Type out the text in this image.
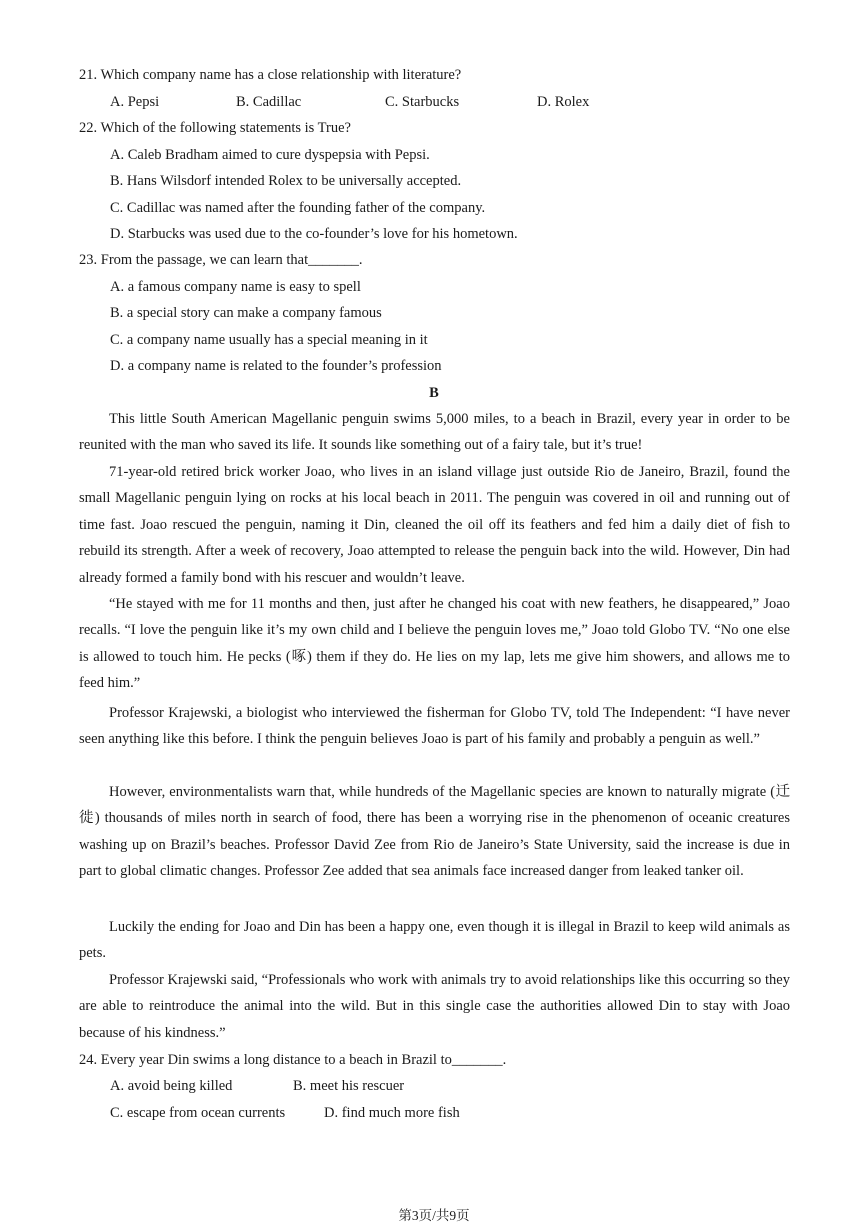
21. Which company name has a close relationship with literature?
A. Pepsi	B. Cadillac	C. Starbucks	D. Rolex
22. Which of the following statements is True?
A. Caleb Bradham aimed to cure dyspepsia with Pepsi.
B. Hans Wilsdorf intended Rolex to be universally accepted.
C. Cadillac was named after the founding father of the company.
D. Starbucks was used due to the co-founder’s love for his hometown.
23. From the passage, we can learn that_______.
A. a famous company name is easy to spell
B. a special story can make a company famous
C. a company name usually has a special meaning in it
D. a company name is related to the founder’s profession
B
This little South American Magellanic penguin swims 5,000 miles, to a beach in Brazil, every year in order to be reunited with the man who saved its life. It sounds like something out of a fairy tale, but it’s true!
71-year-old retired brick worker Joao, who lives in an island village just outside Rio de Janeiro, Brazil, found the small Magellanic penguin lying on rocks at his local beach in 2011. The penguin was covered in oil and running out of time fast. Joao rescued the penguin, naming it Din, cleaned the oil off its feathers and fed him a daily diet of fish to rebuild its strength. After a week of recovery, Joao attempted to release the penguin back into the wild. However, Din had already formed a family bond with his rescuer and wouldn’t leave.
“He stayed with me for 11 months and then, just after he changed his coat with new feathers, he disappeared,” Joao recalls. “I love the penguin like it’s my own child and I believe the penguin loves me,” Joao told Globo TV. “No one else is allowed to touch him. He pecks (啄) them if they do. He lies on my lap, lets me give him showers, and allows me to feed him.”
Professor Krajewski, a biologist who interviewed the fisherman for Globo TV, told The Independent: “I have never seen anything like this before. I think the penguin believes Joao is part of his family and probably a penguin as well.”
However, environmentalists warn that, while hundreds of the Magellanic species are known to naturally migrate (迁徙) thousands of miles north in search of food, there has been a worrying rise in the phenomenon of oceanic creatures washing up on Brazil’s beaches. Professor David Zee from Rio de Janeiro’s State University, said the increase is due in part to global climatic changes. Professor Zee added that sea animals face increased danger from leaked tanker oil.
Luckily the ending for Joao and Din has been a happy one, even though it is illegal in Brazil to keep wild animals as pets.
Professor Krajewski said, “Professionals who work with animals try to avoid relationships like this occurring so they are able to reintroduce the animal into the wild. But in this single case the authorities allowed Din to stay with Joao because of his kindness.”
24. Every year Din swims a long distance to a beach in Brazil to_______.
A. avoid being killed	B. meet his rescuer
C. escape from ocean currents	D. find much more fish
第3页/共9页
